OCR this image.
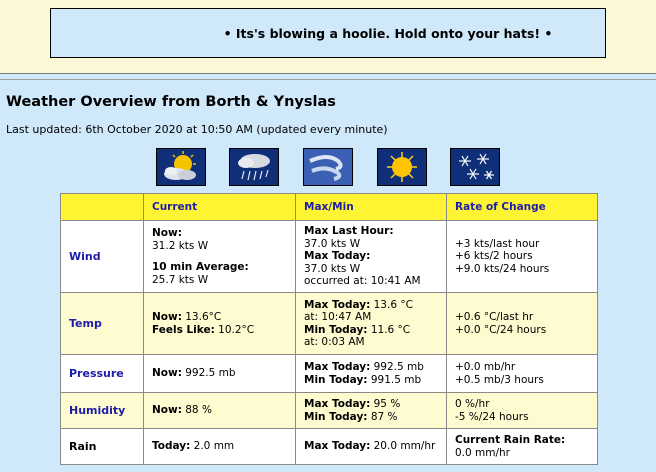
• Its's blowing a hoolie. Hold onto your hats! •
Weather Overview from Borth & Ynyslas
Last updated: 6th October 2020 at 10:50 AM (updated every minute)
	Current	Max/Min	Rate of Change
Wind	Now:
31.2 kts W

10 min Average:
25.7 kts W	Max Last Hour:
37.0 kts W
Max Today:
37.0 kts W
occurred at: 10:41 AM	+3 kts/last hour
+6 kts/2 hours
+9.0 kts/24 hours

Temp	Now: 13.6°C
Feels Like: 10.2°C	Max Today: 13.6 °C
at: 10:47 AM
Min Today: 11.6 °C
at: 0:03 AM	+0.6 °C/last hr
+0.0 °C/24 hours

Pressure	Now: 992.5 mb	Max Today: 992.5 mb
Min Today: 991.5 mb	+0.0 mb/hr
+0.5 mb/3 hours

Humidity	Now: 88 %	Max Today: 95 %
Min Today: 87 %	0 %/hr
-5 %/24 hours

Rain	Today: 2.0 mm	Max Today: 20.0 mm/hr	Current Rain Rate:
0.0 mm/hr
